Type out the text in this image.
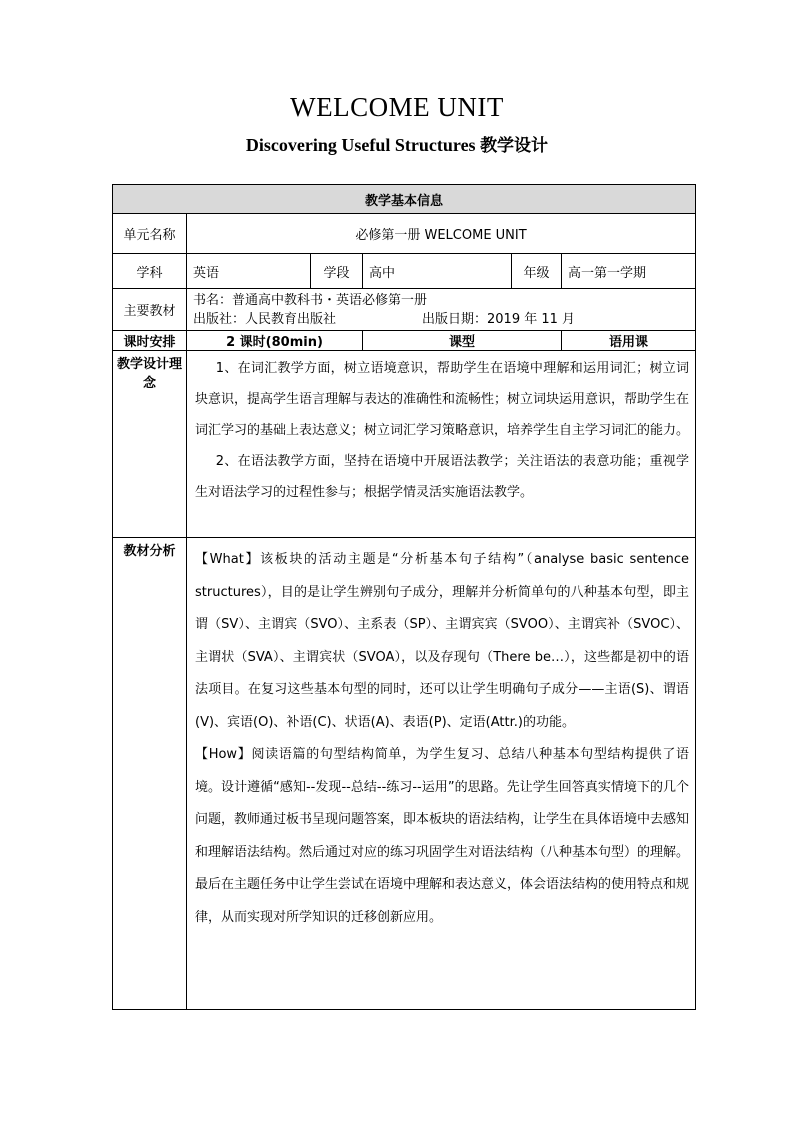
WELCOME UNIT
Discovering Useful Structures 教学设计
教学基本信息					
单元名称	必修第一册 WELCOME UNIT				
学科	英语	学段	高中	年级	高一第一学期
主要教材	书名：普通高中教科书・英语必修第一册
出版社：人民教育出版社 出版日期：2019 年 11 月				

课时安排	2 课时(80min)		课型		语用课
教学设计理念	1、在词汇教学方面，树立语境意识，帮助学生在语境中理解和运用词汇；树立词块意识，提高学生语言理解与表达的准确性和流畅性；树立词块运用意识，帮助学生在词汇学习的基础上表达意义；树立词汇学习策略意识，培养学生自主学习词汇的能力。

2、在语法教学方面，坚持在语境中开展语法教学；关注语法的表意功能；重视学生对语法学习的过程性参与；根据学情灵活实施语法教学。				

教材分析	【What】该板块的活动主题是“分析基本句子结构”（analyse basic sentence structures），目的是让学生辨别句子成分，理解并分析简单句的八种基本句型，即主谓（SV）、主谓宾（SVO）、主系表（SP）、主谓宾宾（SVOO）、主谓宾补（SVOC）、主谓状（SVA）、主谓宾状（SVOA），以及存现句（There be…），这些都是初中的语法项目。在复习这些基本句型的同时，还可以让学生明确句子成分——主语(S)、谓语(V)、宾语(O)、补语(C)、状语(A)、表语(P)、定语(Attr.)的功能。

【How】阅读语篇的句型结构简单，为学生复习、总结八种基本句型结构提供了语境。设计遵循“感知--发现--总结--练习--运用”的思路。先让学生回答真实情境下的几个问题，教师通过板书呈现问题答案，即本板块的语法结构，让学生在具体语境中去感知和理解语法结构。然后通过对应的练习巩固学生对语法结构（八种基本句型）的理解。最后在主题任务中让学生尝试在语境中理解和表达意义，体会语法结构的使用特点和规律，从而实现对所学知识的迁移创新应用。				
